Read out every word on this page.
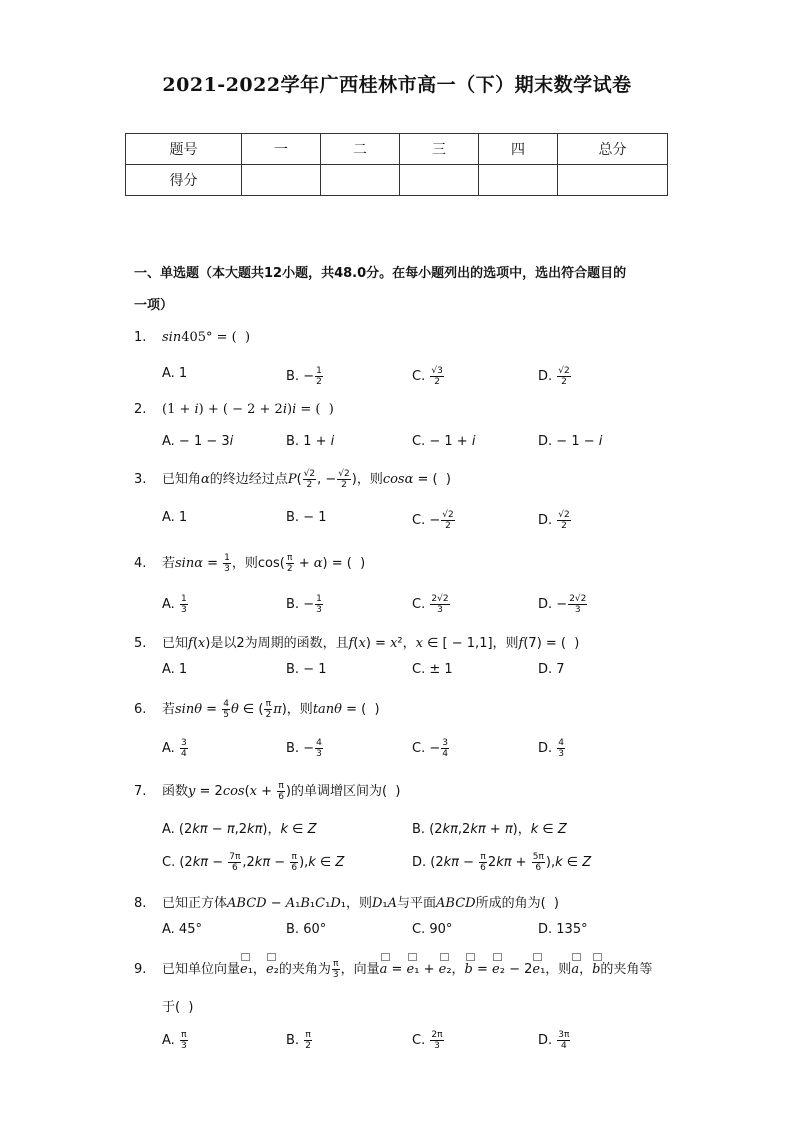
2021-2022学年广西桂林市高一（下）期末数学试卷
题号	一	二	三	四	总分
得分					
一、单选题（本大题共12小题，共48.0分。在每小题列出的选项中，选出符合题目的
一项）
1. sin405° = (  )
A. 1	B. − $\frac{1}{2}$	C. $\frac{√3}{2}$	D. $\frac{√2}{2}$
2. (1 + i) + ( − 2 + 2i)i = (  )
A. − 1 − 3i	B. 1 + i	C. − 1 + i	D. − 1 − i
3. 已知角α的终边经过点$P( \frac{√2}{2}$ , − $\frac{√2}{2}$ )，则cosα = (  )
A. 1	B. − 1	C. − $\frac{√2}{2}$	D. $\frac{√2}{2}$
4. 若$\sin\alpha = \frac{1}{3}$ ，则$\cos( \frac{\pi}{2} + \alpha)$ = (  )
A. $\frac{1}{3}$	B. − $\frac{1}{3}$	C. $\frac{2√2}{3}$	D. − $\frac{2√2}{3}$
5. 已知f(x)是以2为周期的函数，且f(x) = x²，x ∈ [ − 1,1]，则f(7) = (  )
A. 1	B. − 1	C. ± 1	D. 7
6. 若$\sin\theta = \frac{4}{5}$ θ ∈ ( $\frac{\pi}{2} \pi$)，则tanθ = (  )
A. $\frac{3}{4}$	B. − $\frac{4}{3}$	C. − $\frac{3}{4}$	D. $\frac{4}{3}$
7. 函数$y = 2\cos(x + \frac{\pi}{6}$ )的单调增区间为(  )
A. (2kπ − π,2kπ)，k ∈ Z	B. (2kπ,2kπ + π)，k ∈ Z
C. $(2k\pi - \frac{7\pi}{6} ,2k\pi - \frac{\pi}{6} ),k$ ∈ Z	D. $(2k\pi - \frac{\pi}{6} 2k\pi + \frac{5\pi}{6} ),k$ ∈ Z
8. 已知正方体ABCD − A₁B₁C₁D₁，则D₁A与平面ABCD所成的角为(  )
A. 45°	B. 60°	C. 90°	D. 135°
9. 已知单位向量e₁，e₂的夹角为 $\frac{\pi}{3}$ ，向量a = e₁ + e₂，b = e₂ − 2e₁，则a，b的夹角等
于(  )
A. $\frac{\pi}{3}$	B. $\frac{\pi}{2}$	C. $\frac{2\pi}{3}$	D. $\frac{3\pi}{4}$
